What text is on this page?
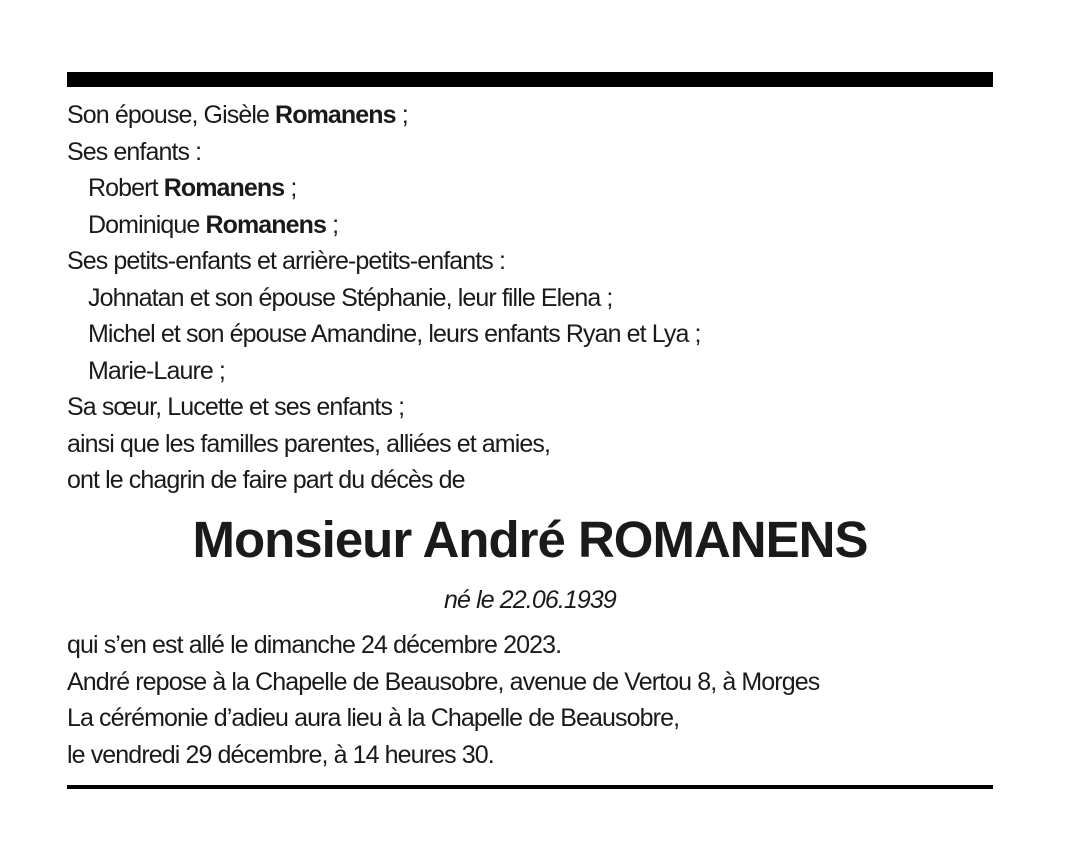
Son épouse, Gisèle Romanens ;
Ses enfants :
Robert Romanens ;
Dominique Romanens ;
Ses petits-enfants et arrière-petits-enfants :
Johnatan et son épouse Stéphanie, leur fille Elena ;
Michel et son épouse Amandine, leurs enfants Ryan et Lya ;
Marie-Laure ;
Sa sœur, Lucette et ses enfants ;
ainsi que les familles parentes, alliées et amies,
ont le chagrin de faire part du décès de
Monsieur André ROMANENS
né le 22.06.1939
qui s’en est allé le dimanche 24 décembre 2023.
André repose à la Chapelle de Beausobre, avenue de Vertou 8, à Morges
La cérémonie d’adieu aura lieu à la Chapelle de Beausobre,
le vendredi 29 décembre, à 14 heures 30.
